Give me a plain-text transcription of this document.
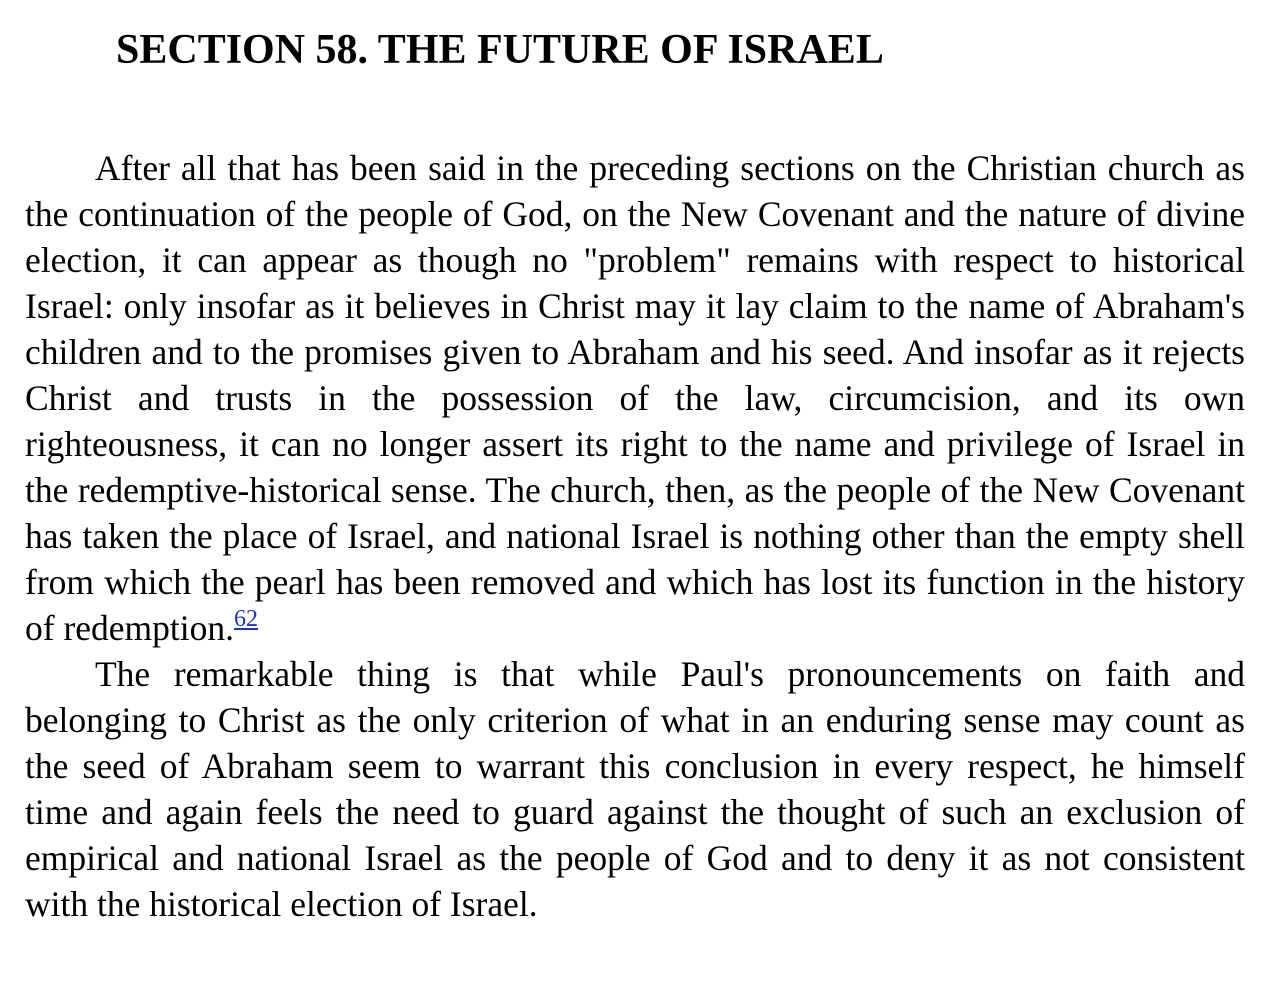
SECTION 58. THE FUTURE OF ISRAEL

After all that has been said in the preceding sections on the Christian church as the continuation of the people of God, on the New Covenant and the nature of divine election, it can appear as though no "problem" remains with respect to historical Israel: only insofar as it believes in Christ may it lay claim to the name of Abraham's children and to the promises given to Abraham and his seed. And insofar as it rejects Christ and trusts in the possession of the law, circumcision, and its own righteousness, it can no longer assert its right to the name and privilege of Israel in the redemptive-historical sense. The church, then, as the people of the New Covenant has taken the place of Israel, and national Israel is nothing other than the empty shell from which the pearl has been removed and which has lost its function in the history of redemption.$^{62}$

The remarkable thing is that while Paul's pronouncements on faith and belonging to Christ as the only criterion of what in an enduring sense may count as the seed of Abraham seem to warrant this conclusion in every respect, he himself time and again feels the need to guard against the thought of such an exclusion of empirical and national Israel as the people of God and to deny it as not consistent with the historical election of Israel.
